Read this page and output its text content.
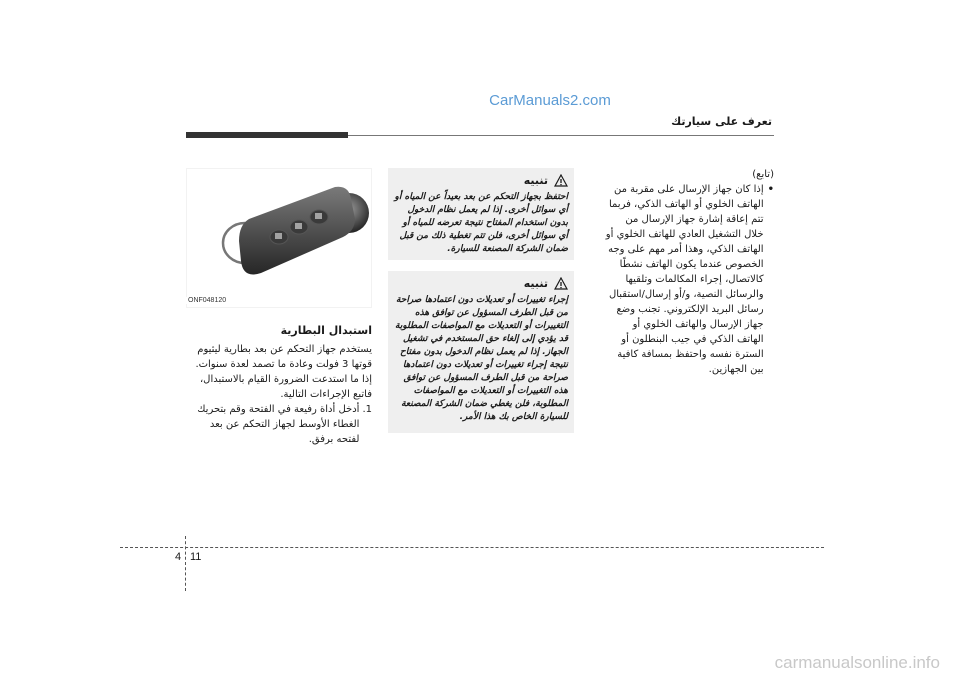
CarManuals2.com
تعرف على سيارتك
(تابع)
•
إذا كان جهاز الإرسال على مقربة من الهاتف الخلوي أو الهاتف الذكي، فربما تتم إعاقة إشارة جهاز الإرسال من خلال التشغيل العادي للهاتف الخلوي أو الهاتف الذكي، وهذا أمر مهم على وجه الخصوص عندما يكون الهاتف نشطًا كالاتصال، إجراء المكالمات وتلقيها والرسائل النصية، و/أو إرسال/استقبال رسائل البريد الإلكتروني. تجنب وضع جهاز الإرسال والهاتف الخلوي أو الهاتف الذكي في جيب البنطلون أو السترة نفسه واحتفظ بمسافة كافية بين الجهازين.
تنبيه
احتفظ بجهاز التحكم عن بعد بعيداً عن المياه أو أي سوائل أخرى. إذا لم يعمل نظام الدخول بدون استخدام المفتاح نتيجة تعرضه للمياه أو أي سوائل أخرى، فلن تتم تغطية ذلك من قبل ضمان الشركة المصنعة للسيارة.
تنبيه
إجراء تغييرات أو تعديلات دون اعتمادها صراحة من قبل الطرف المسؤول عن توافق هذه التغييرات أو التعديلات مع المواصفات المطلوبة قد يؤدي إلى إلغاء حق المستخدم في تشغيل الجهاز. إذا لم يعمل نظام الدخول بدون مفتاح نتيجة إجراء تغييرات أو تعديلات دون اعتمادها صراحة من قبل الطرف المسؤول عن توافق هذه التغييرات أو التعديلات مع المواصفات المطلوبة، فلن يغطي ضمان الشركة المصنعة للسيارة الخاص بك هذا الأمر.
ONF048120
استبدال البطارية
يستخدم جهاز التحكم عن بعد بطارية ليثيوم قوتها 3 فولت وعادة ما تصمد لعدة سنوات. إذا ما استدعت الضرورة القيام بالاستبدال، فاتبع الإجراءات التالية.
1.
أدخل أداة رفيعة في الفتحة وقم بتحريك الغطاء الأوسط لجهاز التحكم عن بعد لفتحه برفق.
4 11
carmanualsonline.info
